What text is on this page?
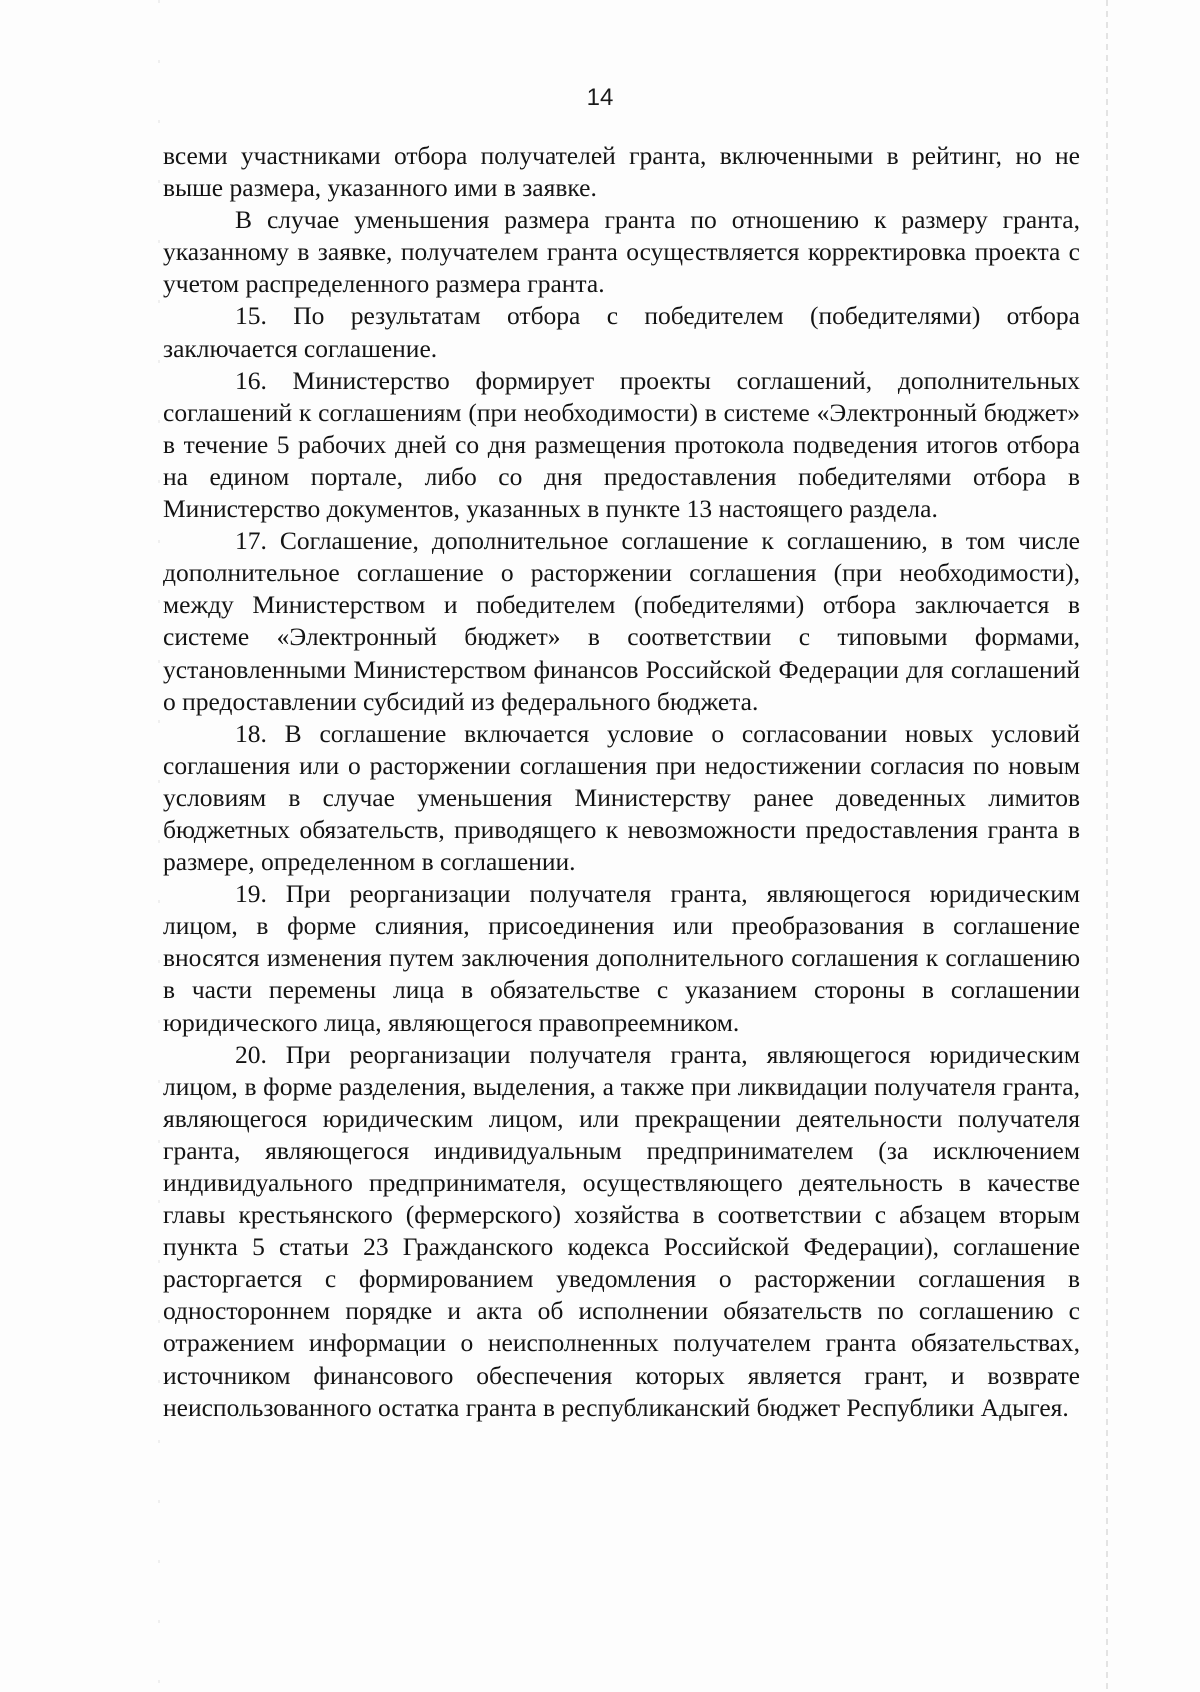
14

всеми участниками отбора получателей гранта, включенными в рейтинг, но не выше размера, указанного ими в заявке.

В случае уменьшения размера гранта по отношению к размеру гранта, указанному в заявке, получателем гранта осуществляется корректировка проекта с учетом распределенного размера гранта.

15. По результатам отбора с победителем (победителями) отбора заключается соглашение.

16. Министерство формирует проекты соглашений, дополнительных соглашений к соглашениям (при необходимости) в системе «Электронный бюджет» в течение 5 рабочих дней со дня размещения протокола подведения итогов отбора на едином портале, либо со дня предоставления победителями отбора в Министерство документов, указанных в пункте 13 настоящего раздела.

17. Соглашение, дополнительное соглашение к соглашению, в том числе дополнительное соглашение о расторжении соглашения (при необходимости), между Министерством и победителем (победителями) отбора заключается в системе «Электронный бюджет» в соответствии с типовыми формами, установленными Министерством финансов Российской Федерации для соглашений о предоставлении субсидий из федерального бюджета.

18. В соглашение включается условие о согласовании новых условий соглашения или о расторжении соглашения при недостижении согласия по новым условиям в случае уменьшения Министерству ранее доведенных лимитов бюджетных обязательств, приводящего к невозможности предоставления гранта в размере, определенном в соглашении.

19. При реорганизации получателя гранта, являющегося юридическим лицом, в форме слияния, присоединения или преобразования в соглашение вносятся изменения путем заключения дополнительного соглашения к соглашению в части перемены лица в обязательстве с указанием стороны в соглашении юридического лица, являющегося правопреемником.

20. При реорганизации получателя гранта, являющегося юридическим лицом, в форме разделения, выделения, а также при ликвидации получателя гранта, являющегося юридическим лицом, или прекращении деятельности получателя гранта, являющегося индивидуальным предпринимателем (за исключением индивидуального предпринимателя, осуществляющего деятельность в качестве главы крестьянского (фермерского) хозяйства в соответствии с абзацем вторым пункта 5 статьи 23 Гражданского кодекса Российской Федерации), соглашение расторгается с формированием уведомления о расторжении соглашения в одностороннем порядке и акта об исполнении обязательств по соглашению с отражением информации о неисполненных получателем гранта обязательствах, источником финансового обеспечения которых является грант, и возврате неиспользованного остатка гранта в республиканский бюджет Республики Адыгея.
